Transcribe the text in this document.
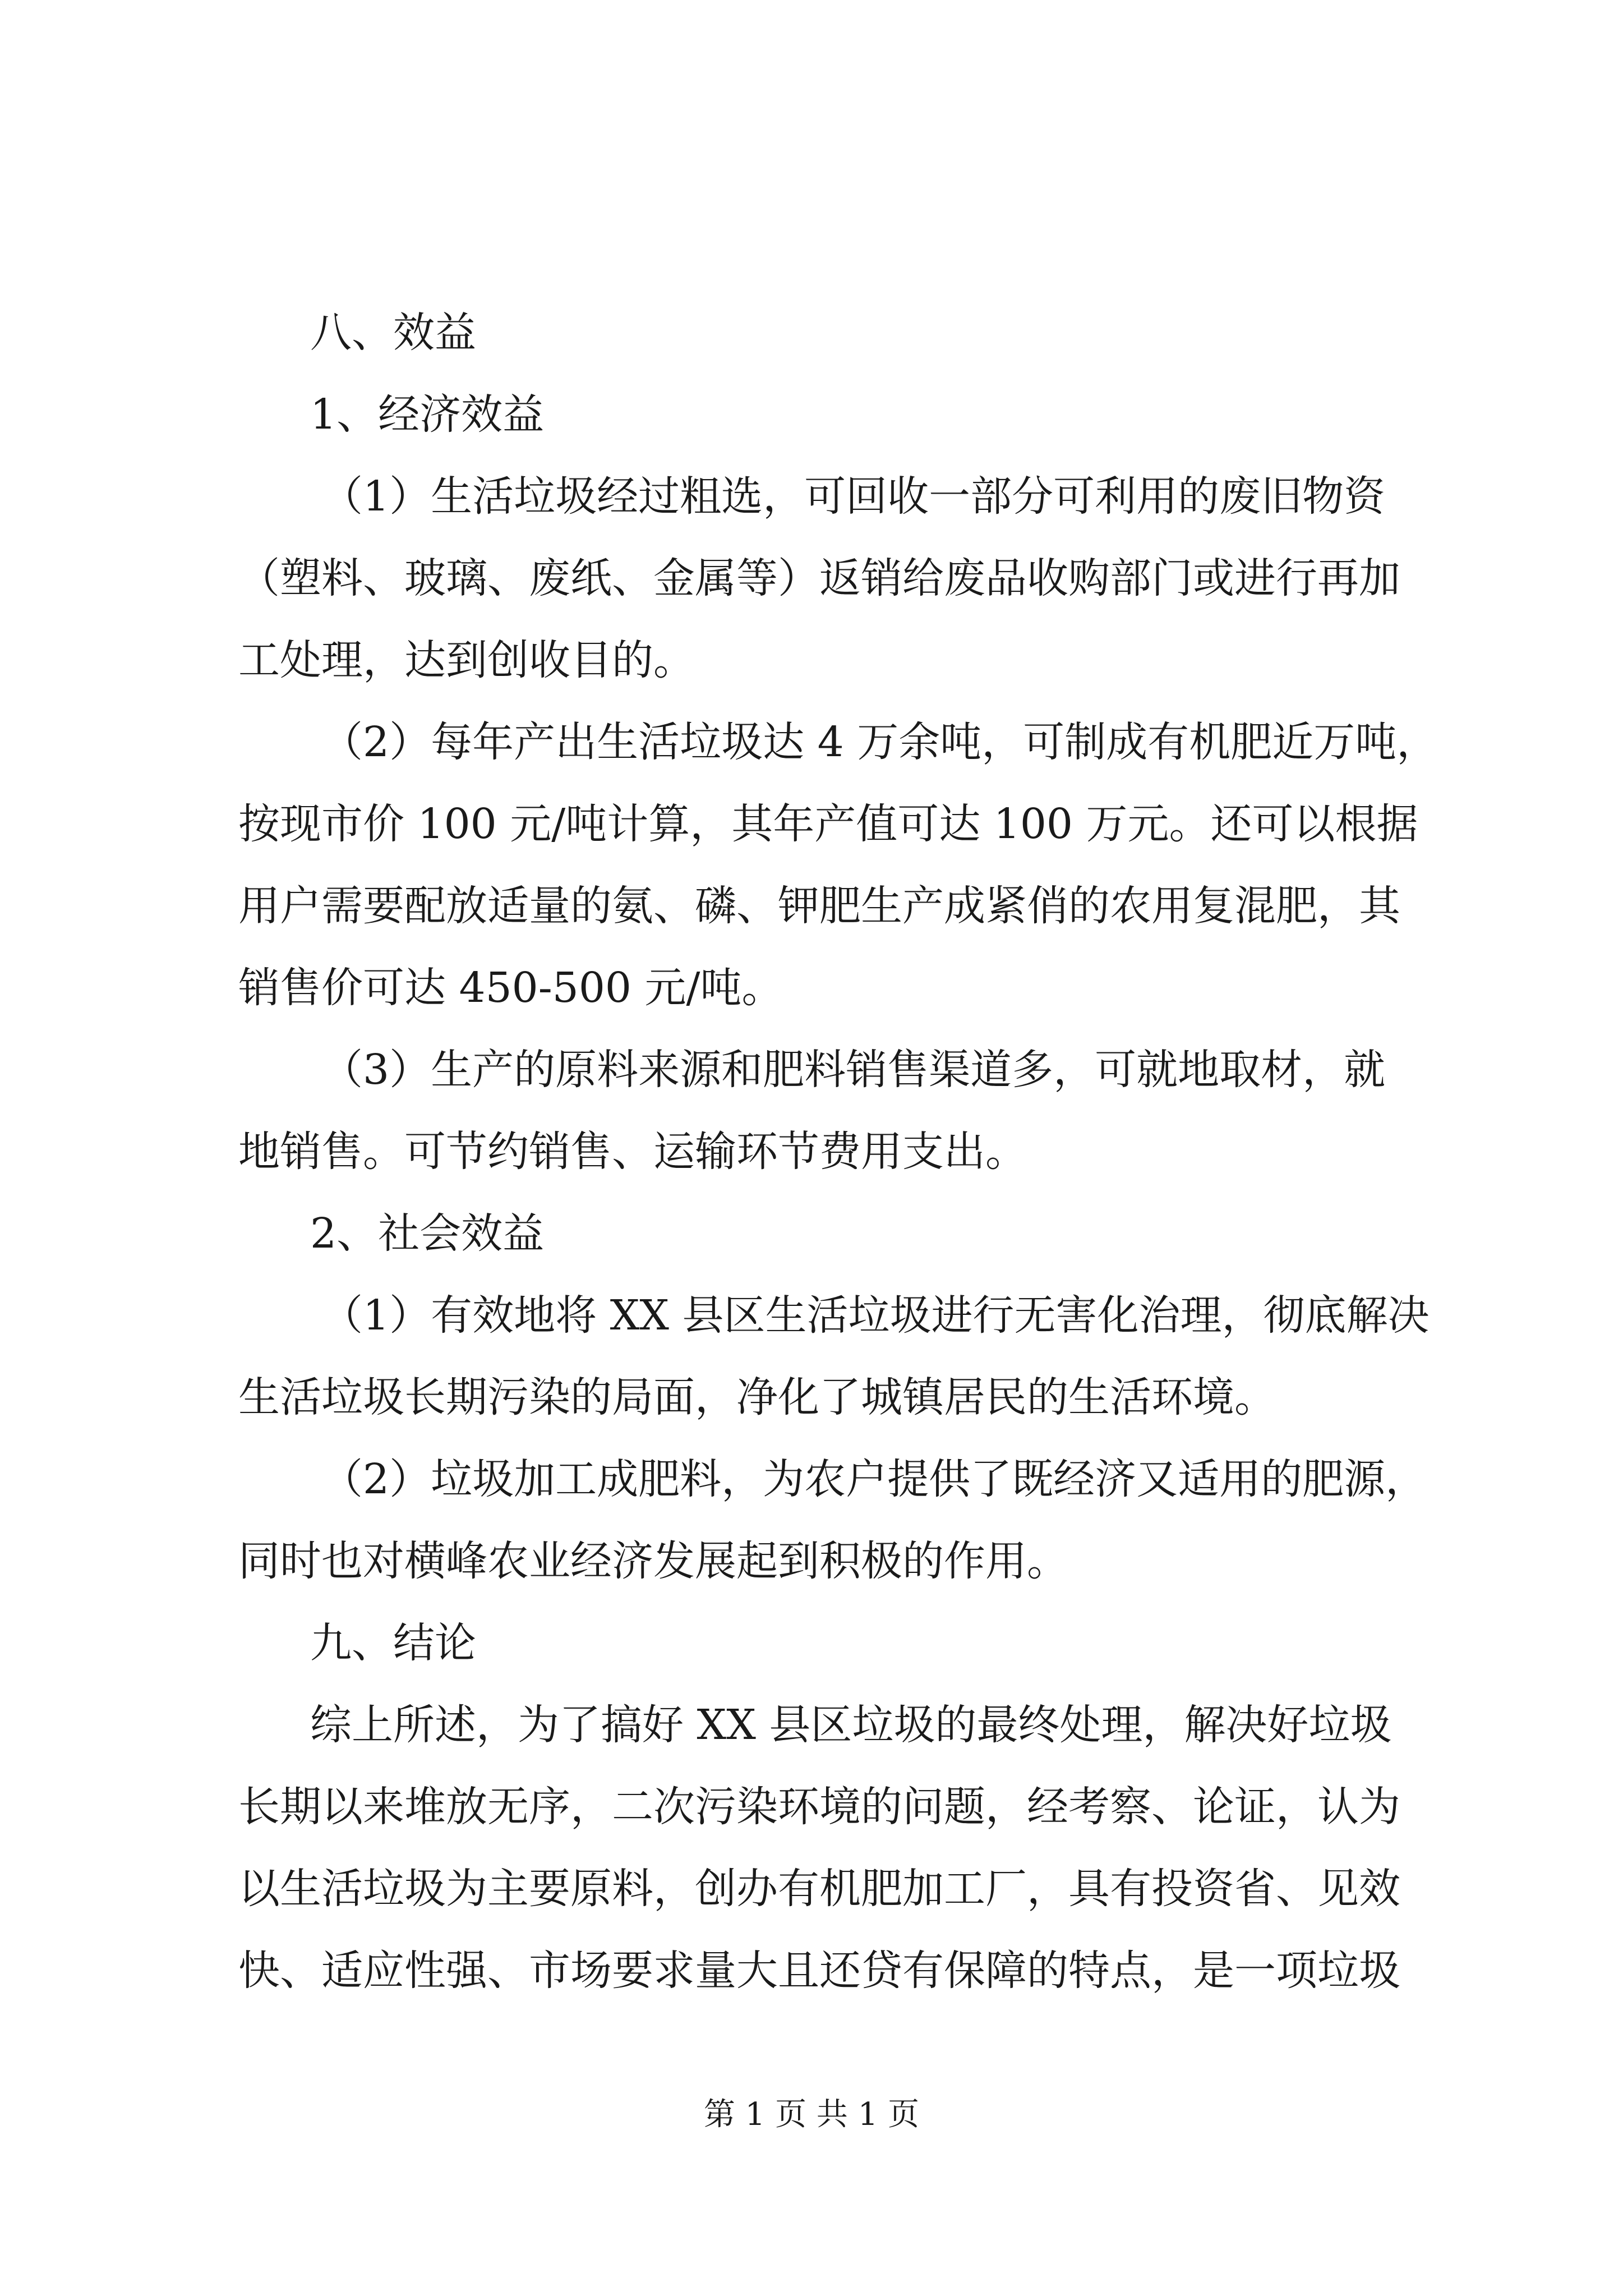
八、效益
1、经济效益
（1）生活垃圾经过粗选，可回收一部分可利用的废旧物资
（塑料、玻璃、废纸、金属等）返销给废品收购部门或进行再加
工处理，达到创收目的。
（2）每年产出生活垃圾达 4 万余吨，可制成有机肥近万吨，
按现市价 100 元/吨计算，其年产值可达 100 万元。还可以根据
用户需要配放适量的氨、磷、钾肥生产成紧俏的农用复混肥，其
销售价可达 450-500 元/吨。
（3）生产的原料来源和肥料销售渠道多，可就地取材，就
地销售。可节约销售、运输环节费用支出。
2、社会效益
（1）有效地将 XX 县区生活垃圾进行无害化治理，彻底解决
生活垃圾长期污染的局面，净化了城镇居民的生活环境。
（2）垃圾加工成肥料，为农户提供了既经济又适用的肥源，
同时也对横峰农业经济发展起到积极的作用。
九、结论
综上所述，为了搞好 XX 县区垃圾的最终处理，解决好垃圾
长期以来堆放无序，二次污染环境的问题，经考察、论证，认为
以生活垃圾为主要原料，创办有机肥加工厂，具有投资省、见效
快、适应性强、市场要求量大且还贷有保障的特点，是一项垃圾
第 1 页 共 1 页
